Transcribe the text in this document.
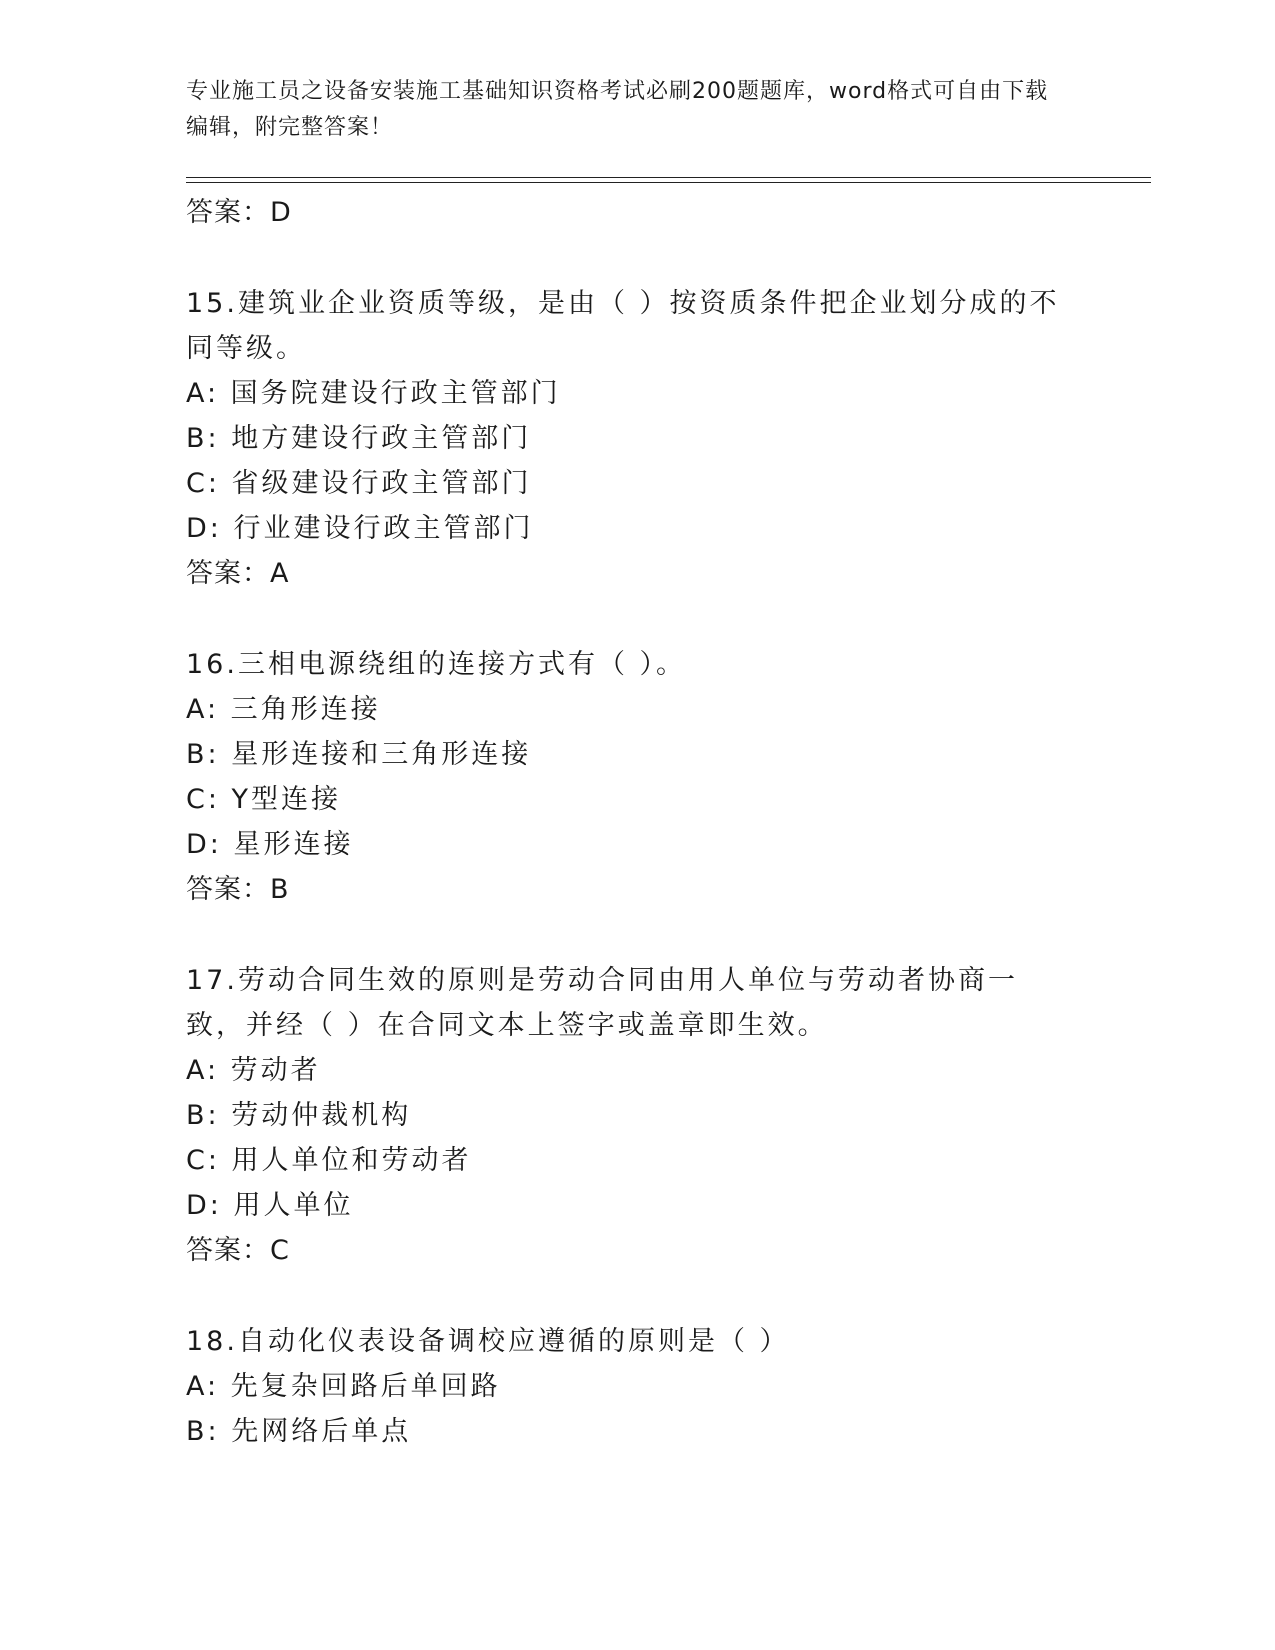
专业施工员之设备安装施工基础知识资格考试必刷200题题库，word格式可自由下载编辑，附完整答案！
答案：D
15.建筑业企业资质等级，是由（ ）按资质条件把企业划分成的不同等级。
A: 国务院建设行政主管部门
B: 地方建设行政主管部门
C: 省级建设行政主管部门
D: 行业建设行政主管部门
答案：A
16.三相电源绕组的连接方式有（ ）。
A: 三角形连接
B: 星形连接和三角形连接
C: Y型连接
D: 星形连接
答案：B
17.劳动合同生效的原则是劳动合同由用人单位与劳动者协商一致，并经（ ）在合同文本上签字或盖章即生效。
A: 劳动者
B: 劳动仲裁机构
C: 用人单位和劳动者
D: 用人单位
答案：C
18.自动化仪表设备调校应遵循的原则是（ ）
A: 先复杂回路后单回路
B: 先网络后单点
